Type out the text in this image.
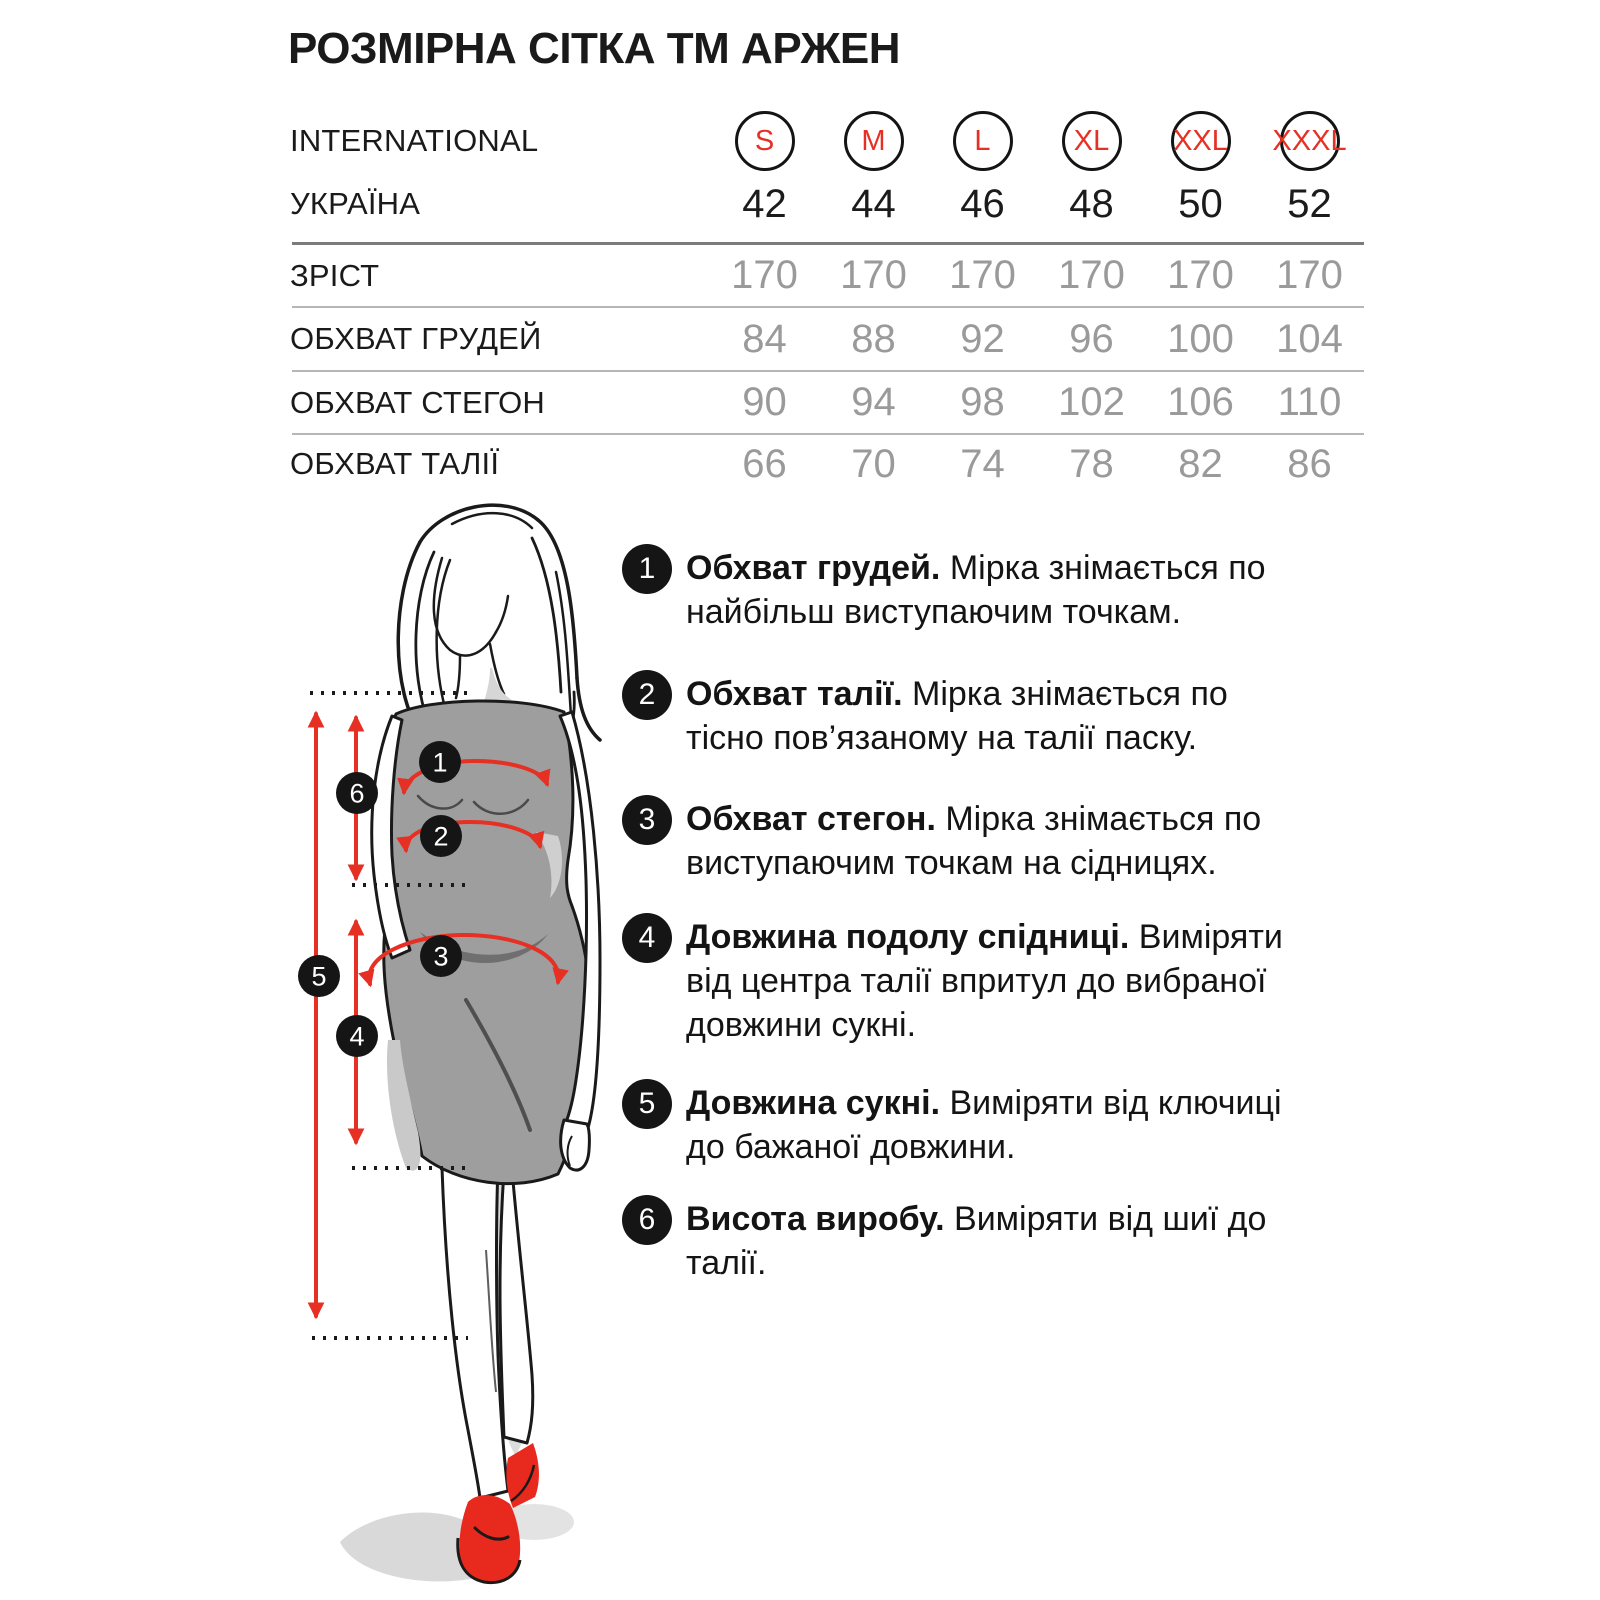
РОЗМІРНА СІТКА ТМ АРЖЕН
INTERNATIONAL	S	M	L	XL	XXL XXXL
УКРАЇНА	42	44	46	48	50	52
ЗРІСТ	170	170	170	170	170	170
ОБХВАТ ГРУДЕЙ	84	88	92	96	100	104
ОБХВАТ СТЕГОН	90	94	98	102	106	110
ОБХВАТ ТАЛІЇ	66	70	74	78	82	86
1
2
3
4
5
6
1 Обхват грудей. Мірка знімається по найбільш виступаючим точкам.
2 Обхват талії. Мірка знімається по тісно пов’язаному на талії паску.
3 Обхват стегон. Мірка знімається по виступаючим точкам на сідницях.
4 Довжина подолу спідниці. Виміряти від центра талії впритул до вибраної довжини сукні.
5 Довжина сукні. Виміряти від ключиці до бажаної довжини.
6 Висота виробу. Виміряти від шиї до талії.
